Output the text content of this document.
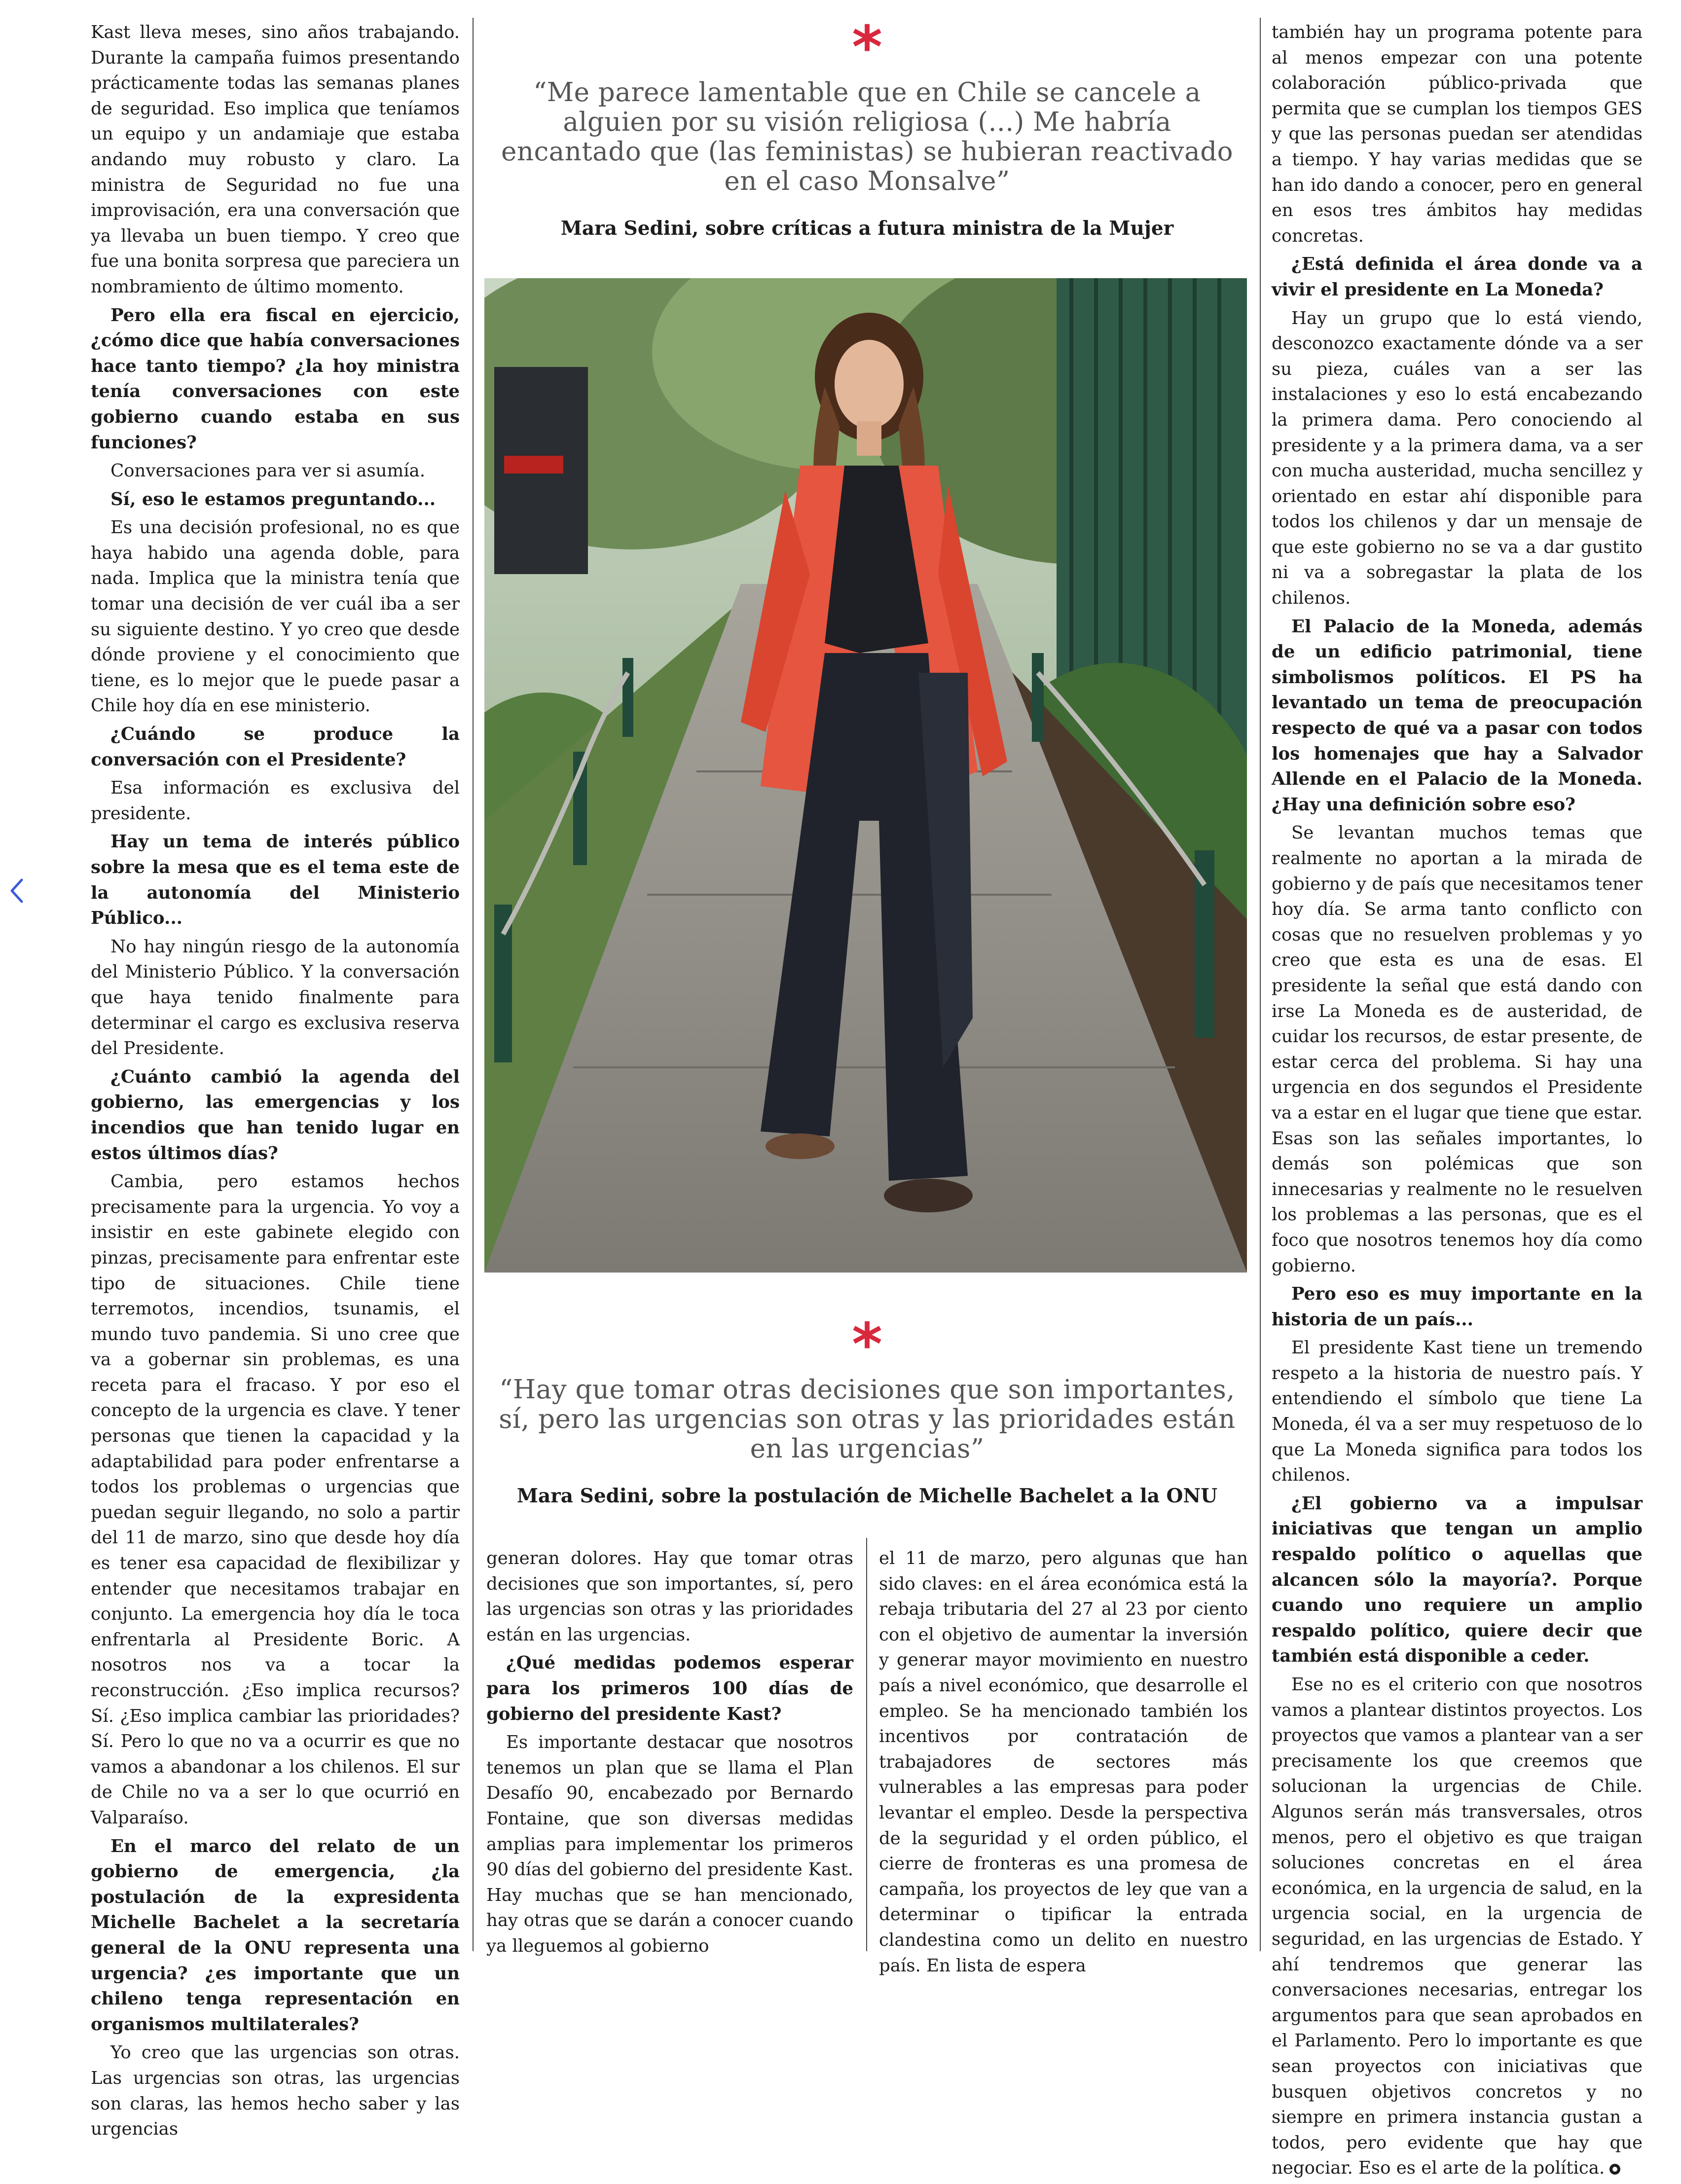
Kast lleva meses, sino años trabajando. Durante la campaña fuimos presentando prácticamente todas las semanas planes de seguridad. Eso implica que teníamos un equipo y un andamiaje que estaba andando muy robusto y claro. La ministra de Seguridad no fue una improvisación, era una conversación que ya llevaba un buen tiempo. Y creo que fue una bonita sorpresa que pareciera un nombramiento de último momento.

Pero ella era fiscal en ejercicio, ¿cómo dice que había conversaciones hace tanto tiempo? ¿la hoy ministra tenía conversaciones con este gobierno cuando estaba en sus funciones?

Conversaciones para ver si asumía.

Sí, eso le estamos preguntando...

Es una decisión profesional, no es que haya habido una agenda doble, para nada. Implica que la ministra tenía que tomar una decisión de ver cuál iba a ser su siguiente destino. Y yo creo que desde dónde proviene y el conocimiento que tiene, es lo mejor que le puede pasar a Chile hoy día en ese ministerio.

¿Cuándo se produce la conversación con el Presidente?

Esa información es exclusiva del presidente.

Hay un tema de interés público sobre la mesa que es el tema este de la autonomía del Ministerio Público...

No hay ningún riesgo de la autonomía del Ministerio Público. Y la conversación que haya tenido finalmente para determinar el cargo es exclusiva reserva del Presidente.

¿Cuánto cambió la agenda del gobierno, las emergencias y los incendios que han tenido lugar en estos últimos días?

Cambia, pero estamos hechos precisamente para la urgencia. Yo voy a insistir en este gabinete elegido con pinzas, precisamente para enfrentar este tipo de situaciones. Chile tiene terremotos, incendios, tsunamis, el mundo tuvo pandemia. Si uno cree que va a gobernar sin problemas, es una receta para el fracaso. Y por eso el concepto de la urgencia es clave. Y tener personas que tienen la capacidad y la adaptabilidad para poder enfrentarse a todos los problemas o urgencias que puedan seguir llegando, no solo a partir del 11 de marzo, sino que desde hoy día es tener esa capacidad de flexibilizar y entender que necesitamos trabajar en conjunto. La emergencia hoy día le toca enfrentarla al Presidente Boric. A nosotros nos va a tocar la reconstrucción. ¿Eso implica recursos? Sí. ¿Eso implica cambiar las prioridades? Sí. Pero lo que no va a ocurrir es que no vamos a abandonar a los chilenos. El sur de Chile no va a ser lo que ocurrió en Valparaíso.

En el marco del relato de un gobierno de emergencia, ¿la postulación de la expresidenta Michelle Bachelet a la secretaría general de la ONU representa una urgencia? ¿es importante que un chileno tenga representación en organismos multilaterales?

Yo creo que las urgencias son otras. Las urgencias son otras, las urgencias son claras, las hemos hecho saber y las urgencias

*
“Me parece lamentable que en Chile se cancele a alguien por su visión religiosa (...) Me habría encantado que (las feministas) se hubieran reactivado en el caso Monsalve”
Mara Sedini, sobre críticas a futura ministra de la Mujer
*
“Hay que tomar otras decisiones que son importantes, sí, pero las urgencias son otras y las prioridades están en las urgencias”
Mara Sedini, sobre la postulación de Michelle Bachelet a la ONU

generan dolores. Hay que tomar otras decisiones que son importantes, sí, pero las urgencias son otras y las prioridades están en las urgencias.

¿Qué medidas podemos esperar para los primeros 100 días de gobierno del presidente Kast?

Es importante destacar que nosotros tenemos un plan que se llama el Plan Desafío 90, encabezado por Bernardo Fontaine, que son diversas medidas amplias para implementar los primeros 90 días del gobierno del presidente Kast. Hay muchas que se han mencionado, hay otras que se darán a conocer cuando ya lleguemos al gobierno

el 11 de marzo, pero algunas que han sido claves: en el área económica está la rebaja tributaria del 27 al 23 por ciento con el objetivo de aumentar la inversión y generar mayor movimiento en nuestro país a nivel económico, que desarrolle el empleo. Se ha mencionado también los incentivos por contratación de trabajadores de sectores más vulnerables a las empresas para poder levantar el empleo. Desde la perspectiva de la seguridad y el orden público, el cierre de fronteras es una promesa de campaña, los proyectos de ley que van a determinar o tipificar la entrada clandestina como un delito en nuestro país. En lista de espera

también hay un programa potente para al menos empezar con una potente colaboración público-privada que permita que se cumplan los tiempos GES y que las personas puedan ser atendidas a tiempo. Y hay varias medidas que se han ido dando a conocer, pero en general en esos tres ámbitos hay medidas concretas.

¿Está definida el área donde va a vivir el presidente en La Moneda?

Hay un grupo que lo está viendo, desconozco exactamente dónde va a ser su pieza, cuáles van a ser las instalaciones y eso lo está encabezando la primera dama. Pero conociendo al presidente y a la primera dama, va a ser con mucha austeridad, mucha sencillez y orientado en estar ahí disponible para todos los chilenos y dar un mensaje de que este gobierno no se va a dar gustito ni va a sobregastar la plata de los chilenos.

El Palacio de la Moneda, además de un edificio patrimonial, tiene simbolismos políticos. El PS ha levantado un tema de preocupación respecto de qué va a pasar con todos los homenajes que hay a Salvador Allende en el Palacio de la Moneda. ¿Hay una definición sobre eso?

Se levantan muchos temas que realmente no aportan a la mirada de gobierno y de país que necesitamos tener hoy día. Se arma tanto conflicto con cosas que no resuelven problemas y yo creo que esta es una de esas. El presidente la señal que está dando con irse La Moneda es de austeridad, de cuidar los recursos, de estar presente, de estar cerca del problema. Si hay una urgencia en dos segundos el Presidente va a estar en el lugar que tiene que estar. Esas son las señales importantes, lo demás son polémicas que son innecesarias y realmente no le resuelven los problemas a las personas, que es el foco que nosotros tenemos hoy día como gobierno.

Pero eso es muy importante en la historia de un país...

El presidente Kast tiene un tremendo respeto a la historia de nuestro país. Y entendiendo el símbolo que tiene La Moneda, él va a ser muy respetuoso de lo que La Moneda significa para todos los chilenos.

¿El gobierno va a impulsar iniciativas que tengan un amplio respaldo político o aquellas que alcancen sólo la mayoría?. Porque cuando uno requiere un amplio respaldo político, quiere decir que también está disponible a ceder.

Ese no es el criterio con que nosotros vamos a plantear distintos proyectos. Los proyectos que vamos a plantear van a ser precisamente los que creemos que solucionan la urgencias de Chile. Algunos serán más transversales, otros menos, pero el objetivo es que traigan soluciones concretas en el área económica, en la urgencia de salud, en la urgencia social, en la urgencia de seguridad, en las urgencias de Estado. Y ahí tendremos que generar las conversaciones necesarias, entregar los argumentos para que sean aprobados en el Parlamento. Pero lo importante es que sean proyectos con iniciativas que busquen objetivos concretos y no siempre en primera instancia gustan a todos, pero evidente que hay que negociar. Eso es el arte de la política.
